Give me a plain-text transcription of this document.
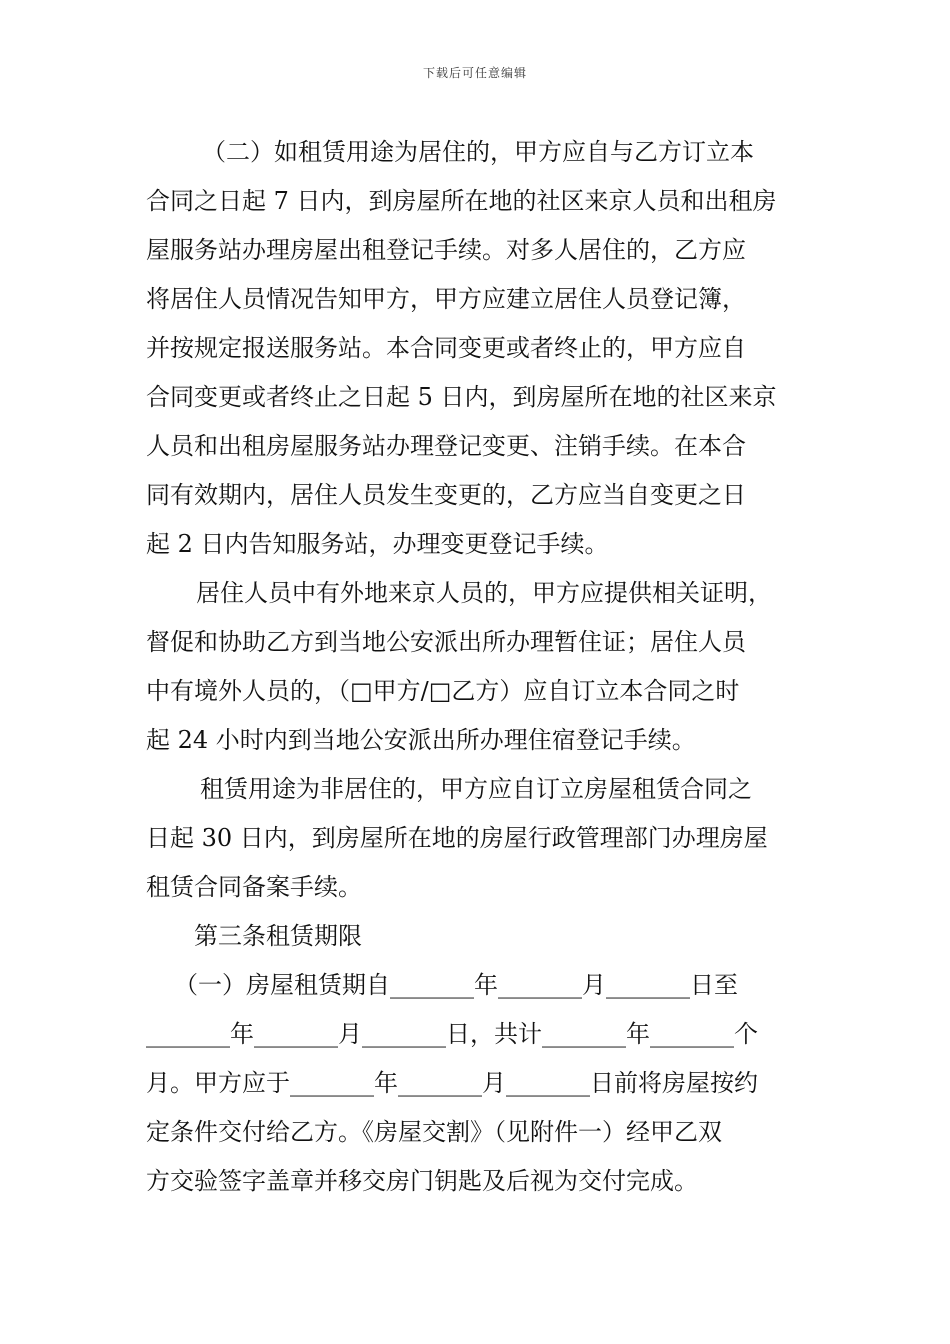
下载后可任意编辑
（二）如租赁用途为居住的，甲方应自与乙方订立本
合同之日起 7 日内，到房屋所在地的社区来京人员和出租房
屋服务站办理房屋出租登记手续。对多人居住的，乙方应
将居住人员情况告知甲方，甲方应建立居住人员登记簿，
并按规定报送服务站。本合同变更或者终止的，甲方应自
合同变更或者终止之日起 5 日内，到房屋所在地的社区来京
人员和出租房屋服务站办理登记变更、注销手续。在本合
同有效期内，居住人员发生变更的，乙方应当自变更之日
起 2 日内告知服务站，办理变更登记手续。
居住人员中有外地来京人员的，甲方应提供相关证明，
督促和协助乙方到当地公安派出所办理暂住证；居住人员
中有境外人员的，（□甲方/□乙方）应自订立本合同之时
起 24 小时内到当地公安派出所办理住宿登记手续。
租赁用途为非居住的，甲方应自订立房屋租赁合同之
日起 30 日内，到房屋所在地的房屋行政管理部门办理房屋
租赁合同备案手续。
第三条租赁期限
（一）房屋租赁期自_______年_______月_______日至
_______年_______月_______日，共计_______年_______个
月。甲方应于_______年_______月_______日前将房屋按约
定条件交付给乙方。《房屋交割》（见附件一）经甲乙双
方交验签字盖章并移交房门钥匙及后视为交付完成。
